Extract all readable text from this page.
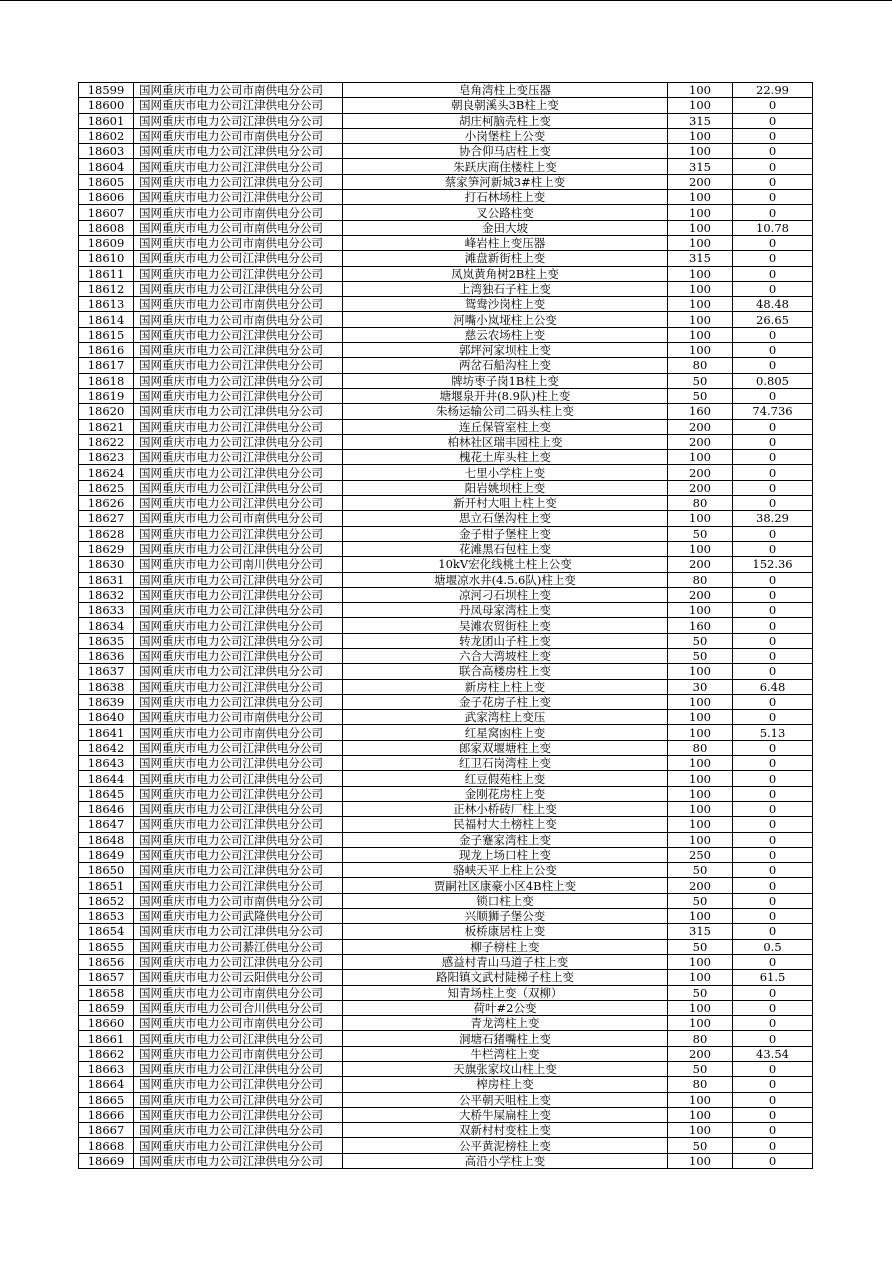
18599	国网重庆市电力公司市南供电分公司	皂角湾柱上变压器	100	22.99
18600	国网重庆市电力公司江津供电分公司	朝良朝溪头3B柱上变	100	0
18601	国网重庆市电力公司江津供电分公司	胡庄柯脑壳柱上变	315	0
18602	国网重庆市电力公司市南供电分公司	小岗堡柱上公变	100	0
18603	国网重庆市电力公司江津供电分公司	协合仰马店柱上变	100	0
18604	国网重庆市电力公司江津供电分公司	朱跃庆商住楼柱上变	315	0
18605	国网重庆市电力公司江津供电分公司	蔡家笋河新城3#柱上变	200	0
18606	国网重庆市电力公司江津供电分公司	打石林场柱上变	100	0
18607	国网重庆市电力公司市南供电分公司	叉公路柱变	100	0
18608	国网重庆市电力公司市南供电分公司	金田大坡	100	10.78
18609	国网重庆市电力公司市南供电分公司	峰岩柱上变压器	100	0
18610	国网重庆市电力公司江津供电分公司	滩盘新街柱上变	315	0
18611	国网重庆市电力公司江津供电分公司	凤岚黄角树2B柱上变	100	0
18612	国网重庆市电力公司江津供电分公司	上湾独石子柱上变	100	0
18613	国网重庆市电力公司市南供电分公司	鸳鸯沙岗柱上变	100	48.48
18614	国网重庆市电力公司市南供电分公司	河嘴小岚垭柱上公变	100	26.65
18615	国网重庆市电力公司江津供电分公司	慈云农场柱上变	100	0
18616	国网重庆市电力公司江津供电分公司	郭坪河家坝柱上变	100	0
18617	国网重庆市电力公司江津供电分公司	两岔石船沟柱上变	80	0
18618	国网重庆市电力公司江津供电分公司	牌坊枣子岗1B柱上变	50	0.805
18619	国网重庆市电力公司江津供电分公司	塘堰泉开井(8.9队)柱上变	50	0
18620	国网重庆市电力公司江津供电分公司	朱杨运输公司二码头柱上变	160	74.736
18621	国网重庆市电力公司江津供电分公司	连丘保管室柱上变	200	0
18622	国网重庆市电力公司江津供电分公司	柏林社区瑞丰园柱上变	200	0
18623	国网重庆市电力公司江津供电分公司	槐花土库头柱上变	100	0
18624	国网重庆市电力公司江津供电分公司	七里小学柱上变	200	0
18625	国网重庆市电力公司江津供电分公司	阳岩姚坝柱上变	200	0
18626	国网重庆市电力公司江津供电分公司	新开村大咀上柱上变	80	0
18627	国网重庆市电力公司市南供电分公司	思立石堡沟柱上变	100	38.29
18628	国网重庆市电力公司江津供电分公司	金子柑子堡柱上变	50	0
18629	国网重庆市电力公司江津供电分公司	花滩黑石包柱上变	100	0
18630	国网重庆市电力公司南川供电分公司	10kV宏化线桃土柱上公变	200	152.36
18631	国网重庆市电力公司江津供电分公司	塘堰凉水井(4.5.6队)柱上变	80	0
18632	国网重庆市电力公司江津供电分公司	凉河刁石坝柱上变	200	0
18633	国网重庆市电力公司江津供电分公司	丹凤母家湾柱上变	100	0
18634	国网重庆市电力公司江津供电分公司	吴滩农贸街柱上变	160	0
18635	国网重庆市电力公司江津供电分公司	转龙团山子柱上变	50	0
18636	国网重庆市电力公司江津供电分公司	六合大湾坡柱上变	50	0
18637	国网重庆市电力公司江津供电分公司	联合高楼房柱上变	100	0
18638	国网重庆市电力公司江津供电分公司	新房柱上柱上变	30	6.48
18639	国网重庆市电力公司江津供电分公司	金子花房子柱上变	100	0
18640	国网重庆市电力公司市南供电分公司	武家湾柱上变压	100	0
18641	国网重庆市电力公司市南供电分公司	红星窝凼柱上变	100	5.13
18642	国网重庆市电力公司江津供电分公司	郎家双堰塘柱上变	80	0
18643	国网重庆市电力公司江津供电分公司	红卫石岗湾柱上变	100	0
18644	国网重庆市电力公司江津供电分公司	红豆假苑柱上变	100	0
18645	国网重庆市电力公司江津供电分公司	金刚花房柱上变	100	0
18646	国网重庆市电力公司江津供电分公司	正林小桥砖厂柱上变	100	0
18647	国网重庆市电力公司江津供电分公司	民福村大土榜柱上变	100	0
18648	国网重庆市电力公司江津供电分公司	金子蹇家湾柱上变	100	0
18649	国网重庆市电力公司江津供电分公司	现龙上场口柱上变	250	0
18650	国网重庆市电力公司江津供电分公司	骆峡天平上柱上公变	50	0
18651	国网重庆市电力公司江津供电分公司	贾嗣社区康豪小区4B柱上变	200	0
18652	国网重庆市电力公司市南供电分公司	锁口柱上变	50	0
18653	国网重庆市电力公司武隆供电分公司	兴顺狮子堡公变	100	0
18654	国网重庆市电力公司江津供电分公司	板桥康居柱上变	315	0
18655	国网重庆市电力公司綦江供电分公司	柳子榜柱上变	50	0.5
18656	国网重庆市电力公司江津供电分公司	感益村青山马道子柱上变	100	0
18657	国网重庆市电力公司云阳供电分公司	路阳镇文武村陡梯子柱上变	100	61.5
18658	国网重庆市电力公司市南供电分公司	知青场柱上变（双柳）	50	0
18659	国网重庆市电力公司合川供电分公司	荷叶#2公变	100	0
18660	国网重庆市电力公司市南供电分公司	青龙湾柱上变	100	0
18661	国网重庆市电力公司江津供电分公司	洞塘石猪嘴柱上变	80	0
18662	国网重庆市电力公司市南供电分公司	牛栏湾柱上变	200	43.54
18663	国网重庆市电力公司江津供电分公司	天旗张家坟山柱上变	50	0
18664	国网重庆市电力公司江津供电分公司	榨房柱上变	80	0
18665	国网重庆市电力公司江津供电分公司	公平朝天咀柱上变	100	0
18666	国网重庆市电力公司江津供电分公司	大桥牛屎扁柱上变	100	0
18667	国网重庆市电力公司江津供电分公司	双新村村变柱上变	100	0
18668	国网重庆市电力公司江津供电分公司	公平黄泥榜柱上变	50	0
18669	国网重庆市电力公司江津供电分公司	高沿小学柱上变	100	0
